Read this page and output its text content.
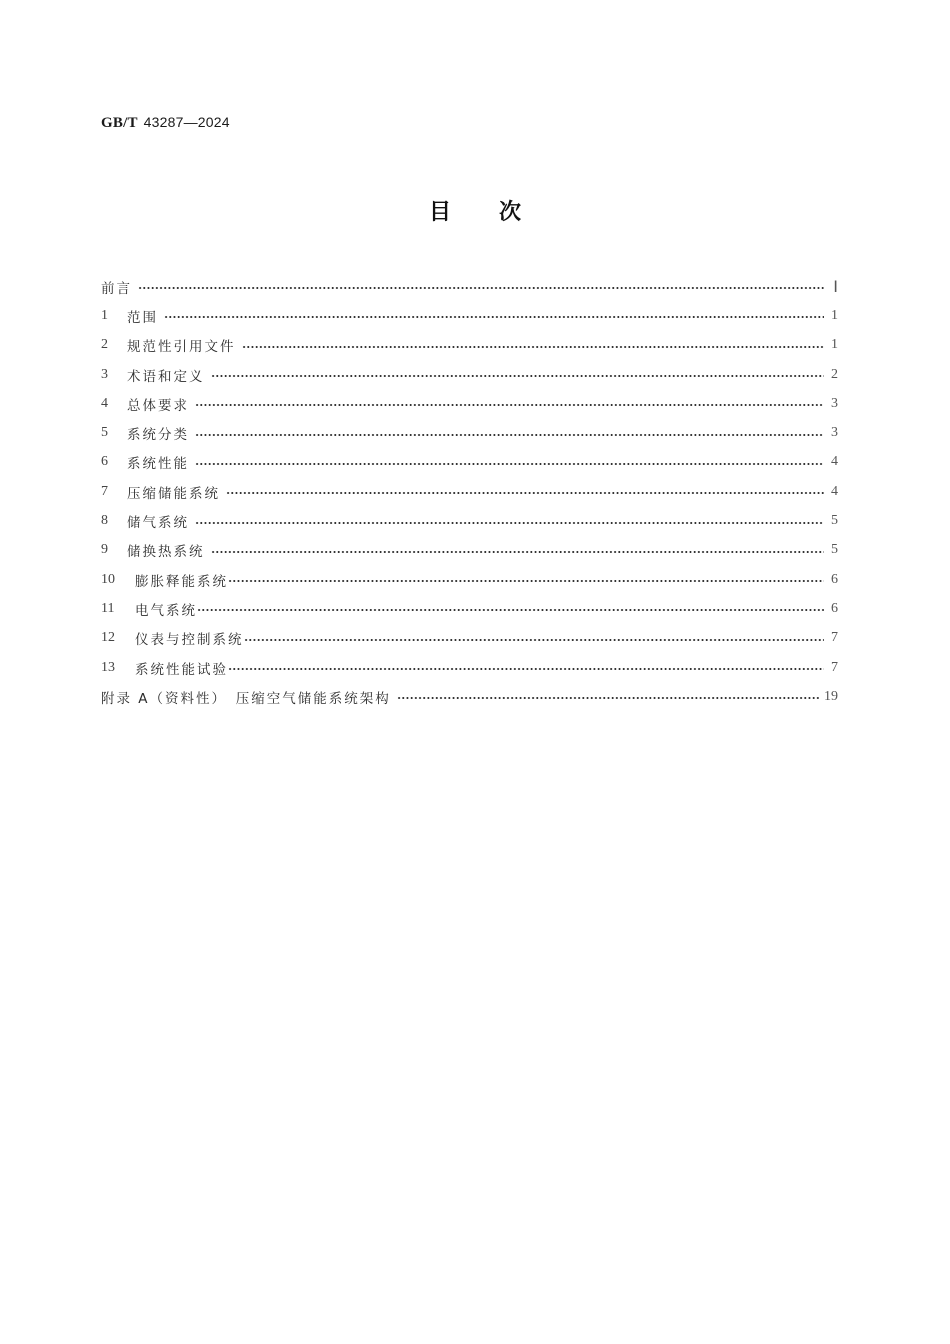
GB/T 43287—2024
目 次
前言	Ⅰ
1	范围	1
2	规范性引用文件	1
3	术语和定义	2
4	总体要求	3
5	系统分类	3
6	系统性能	4
7	压缩储能系统	4
8	储气系统	5
9	储换热系统	5
10	膨胀释能系统	6
11	电气系统	6
12	仪表与控制系统	7
13	系统性能试验	7
附录 A（资料性）　压缩空气储能系统架构	19
